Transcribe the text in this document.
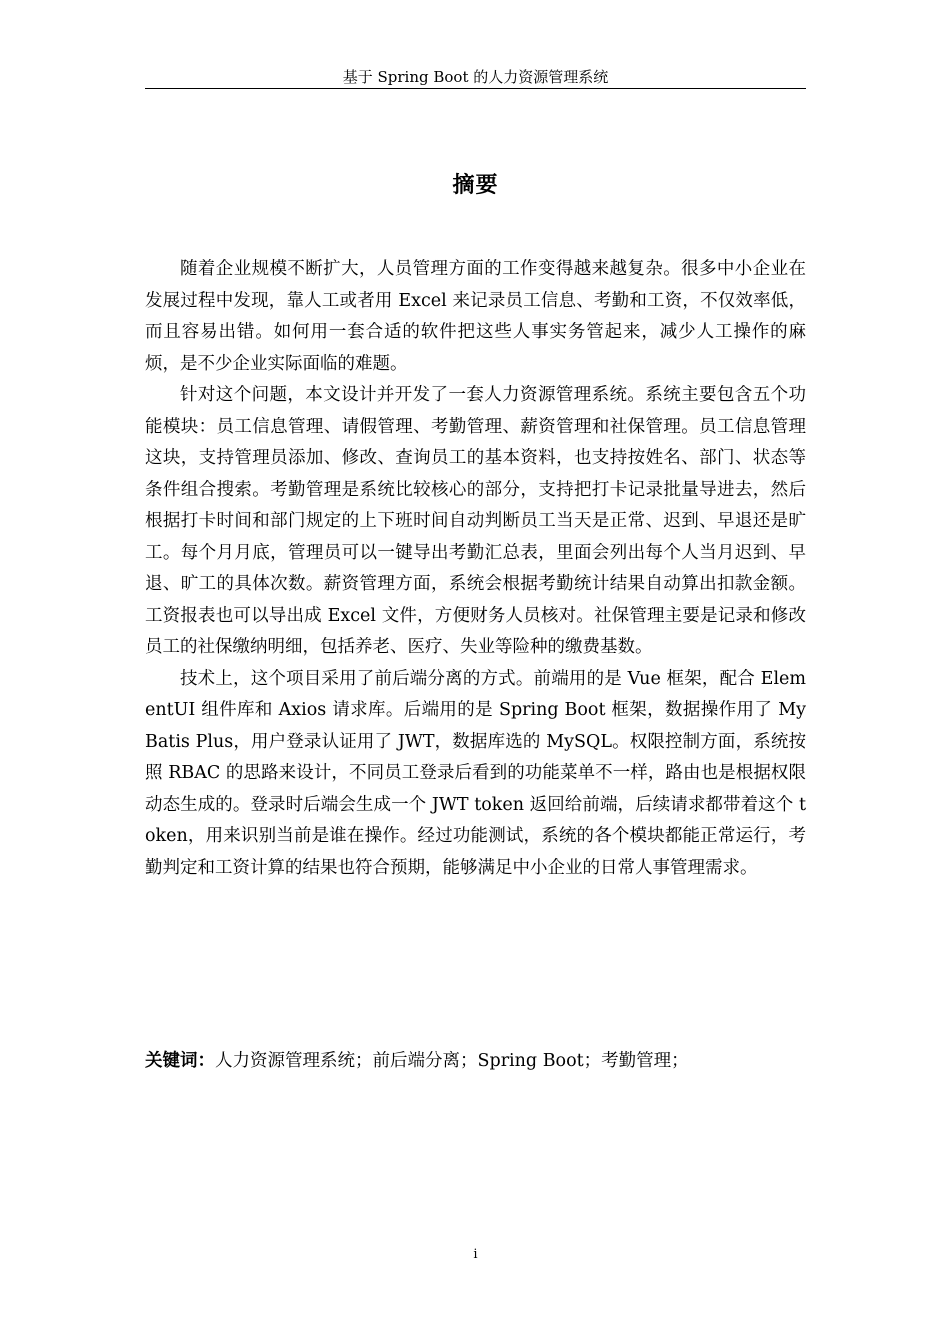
基于 Spring Boot 的人力资源管理系统
摘要

随着企业规模不断扩大，人员管理方面的工作变得越来越复杂。很多中小企业在发展过程中发现，靠人工或者用 Excel 来记录员工信息、考勤和工资，不仅效率低，而且容易出错。如何用一套合适的软件把这些人事实务管起来，减少人工操作的麻烦，是不少企业实际面临的难题。

针对这个问题，本文设计并开发了一套人力资源管理系统。系统主要包含五个功能模块：员工信息管理、请假管理、考勤管理、薪资管理和社保管理。员工信息管理这块，支持管理员添加、修改、查询员工的基本资料，也支持按姓名、部门、状态等条件组合搜索。考勤管理是系统比较核心的部分，支持把打卡记录批量导进去，然后根据打卡时间和部门规定的上下班时间自动判断员工当天是正常、迟到、早退还是旷工。每个月月底，管理员可以一键导出考勤汇总表，里面会列出每个人当月迟到、早退、旷工的具体次数。薪资管理方面，系统会根据考勤统计结果自动算出扣款金额。工资报表也可以导出成 Excel 文件，方便财务人员核对。社保管理主要是记录和修改员工的社保缴纳明细，包括养老、医疗、失业等险种的缴费基数。

技术上，这个项目采用了前后端分离的方式。前端用的是 Vue 框架，配合 ElementUI 组件库和 Axios 请求库。后端用的是 Spring Boot 框架，数据操作用了 MyBatis Plus，用户登录认证用了 JWT，数据库选的 MySQL。权限控制方面，系统按照 RBAC 的思路来设计，不同员工登录后看到的功能菜单不一样，路由也是根据权限动态生成的。登录时后端会生成一个 JWT token 返回给前端，后续请求都带着这个 token，用来识别当前是谁在操作。经过功能测试，系统的各个模块都能正常运行，考勤判定和工资计算的结果也符合预期，能够满足中小企业的日常人事管理需求。

关键词：人力资源管理系统；前后端分离；Spring Boot；考勤管理；
i
